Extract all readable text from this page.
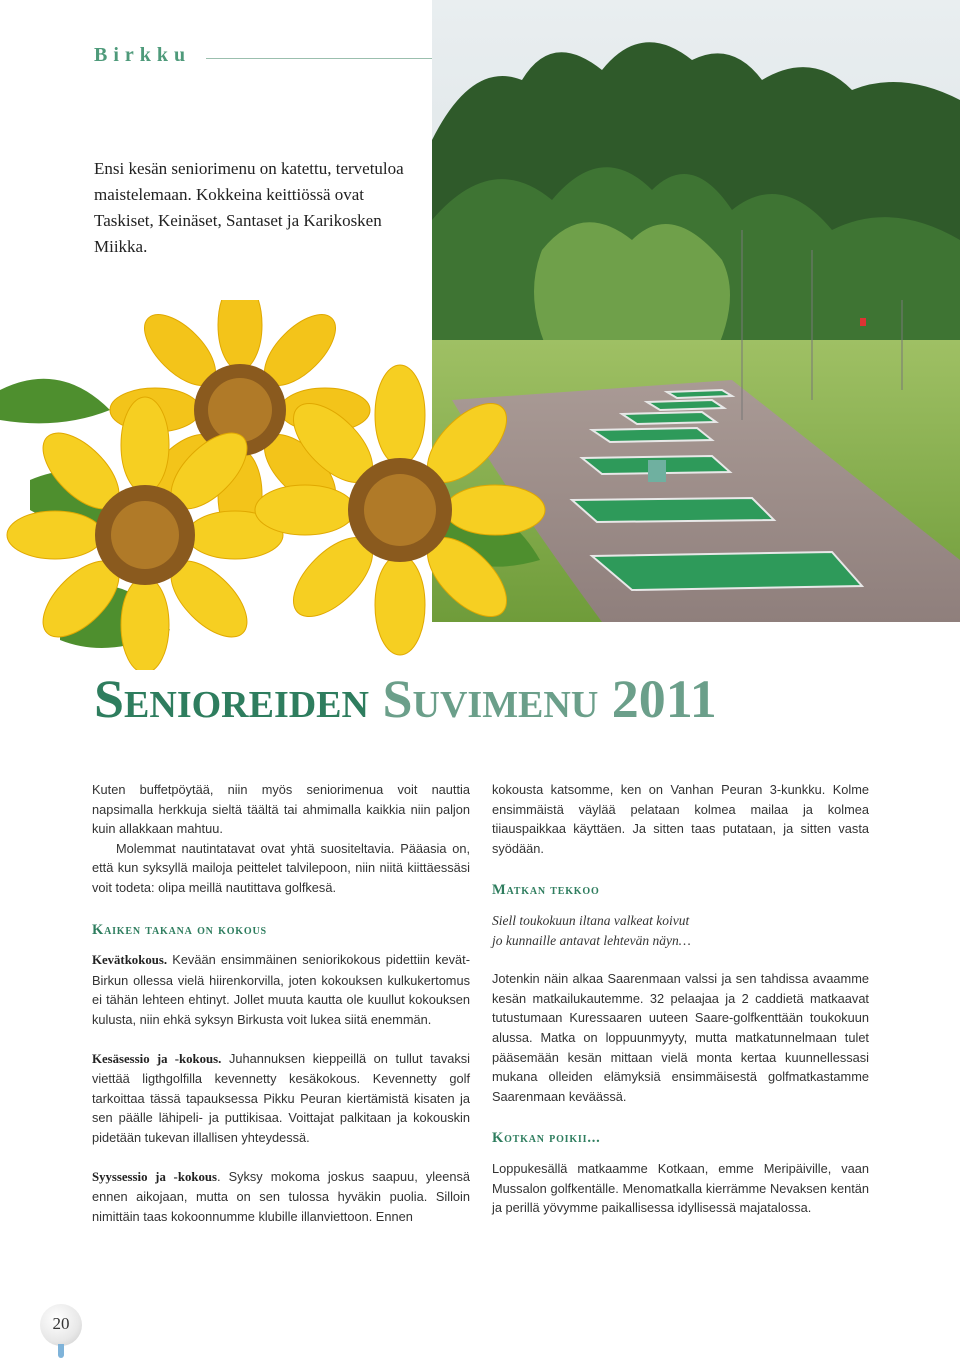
Birkku
Ensi kesän seniorimenu on katettu, tervetuloa maistelemaan. Kokkeina keittiössä ovat Taskiset, Keinäset, Santaset ja Karikosken Miikka.
Senioreiden Suvimenu 2011

Kuten buffetpöytää, niin myös seniorimenua voit nauttia napsimalla herkkuja sieltä täältä tai ahmimalla kaikkia niin paljon kuin allakkaan mahtuu.

Molemmat nautintatavat ovat yhtä suositeltavia. Pääasia on, että kun syksyllä mailoja peittelet talvilepoon, niin niitä kiittäessäsi voit todeta: olipa meillä nautittava golfkesä.

Kaiken takana on kokous

Kevätkokous. Kevään ensimmäinen seniorikokous pidettiin kevät-Birkun ollessa vielä hiirenkorvilla, joten kokouksen kulkukertomus ei tähän lehteen ehtinyt. Jollet muuta kautta ole kuullut kokouksen kulusta, niin ehkä syksyn Birkusta voit lukea siitä enemmän.

Kesäsessio ja -kokous. Juhannuksen kieppeillä on tullut tavaksi viettää ligthgolfilla kevennetty kesäkokous. Kevennetty golf tarkoittaa tässä tapauksessa Pikku Peuran kiertämistä kisaten ja sen päälle lähipeli- ja puttikisaa. Voittajat palkitaan ja kokouskin pidetään tukevan illallisen yhteydessä.

Syyssessio ja -kokous. Syksy mokoma joskus saapuu, yleensä ennen aikojaan, mutta on sen tulossa hyväkin puolia. Silloin nimittäin taas kokoonnumme klubille illanviettoon. Ennen

kokousta katsomme, ken on Vanhan Peuran 3-kunkku. Kolme ensimmäistä väylää pelataan kolmea mailaa ja kolmea tiiauspaikkaa käyttäen. Ja sitten taas putataan, ja sitten vasta syödään.

Matkan tekkoo

Siell toukokuun iltana valkeat koivut

jo kunnaille antavat lehtevän näyn…

Jotenkin näin alkaa Saarenmaan valssi ja sen tahdissa avaamme kesän matkailukautemme. 32 pelaajaa ja 2 caddietä matkaavat tutustumaan Kuressaaren uuteen Saare-golfkenttään toukokuun alussa. Matka on loppuunmyyty, mutta matkatunnelmaan tulet pääsemään kesän mittaan vielä monta kertaa kuunnellessasi mukana olleiden elämyksiä ensimmäisestä golfmatkastamme Saarenmaan keväässä.

Kotkan poikii...

Loppukesällä matkaamme Kotkaan, emme Meripäiville, vaan Mussalon golfkentälle. Menomatkalla kierrämme Nevaksen kentän ja perillä yövymme paikallisessa idyllisessä majatalossa.

20
